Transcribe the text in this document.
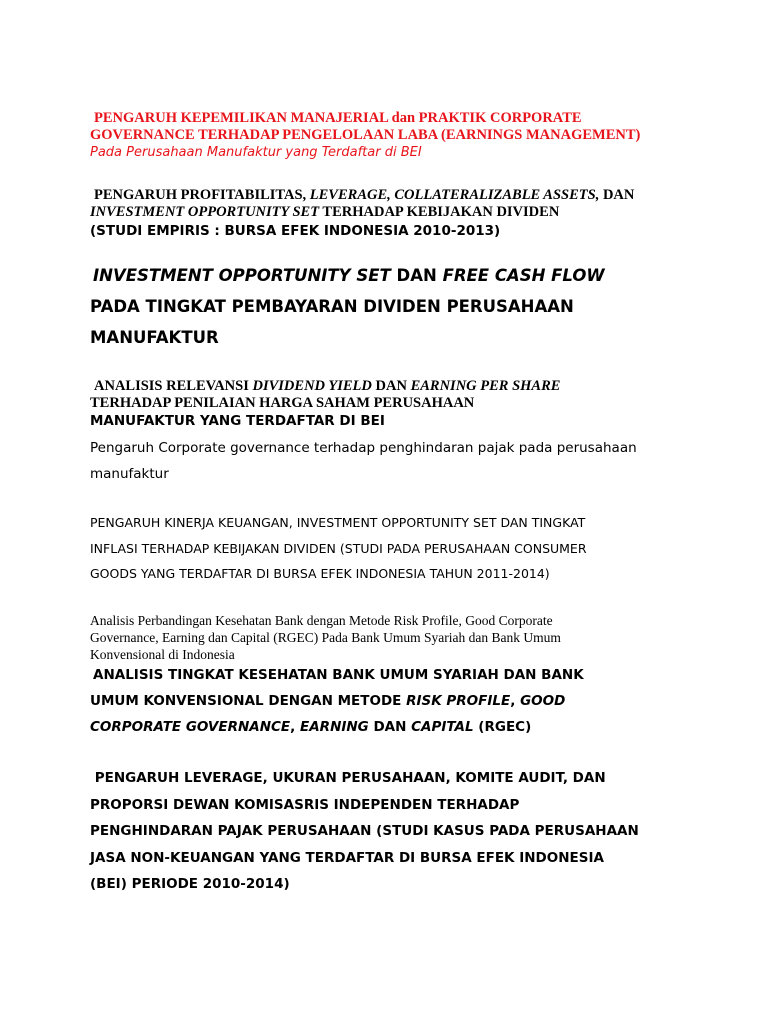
PENGARUH KEPEMILIKAN MANAJERIAL dan PRAKTIK CORPORATE
GOVERNANCE TERHADAP PENGELOLAAN LABA (EARNINGS MANAGEMENT)
Pada Perusahaan Manufaktur yang Terdaftar di BEI
PENGARUH PROFITABILITAS, LEVERAGE, COLLATERALIZABLE ASSETS, DAN
INVESTMENT OPPORTUNITY SET TERHADAP KEBIJAKAN DIVIDEN
(STUDI EMPIRIS : BURSA EFEK INDONESIA 2010-2013)
INVESTMENT OPPORTUNITY SET DAN FREE CASH FLOW
PADA TINGKAT PEMBAYARAN DIVIDEN PERUSAHAAN
MANUFAKTUR
ANALISIS RELEVANSI DIVIDEND YIELD DAN EARNING PER SHARE
TERHADAP PENILAIAN HARGA SAHAM PERUSAHAAN
MANUFAKTUR YANG TERDAFTAR DI BEI
Pengaruh Corporate governance terhadap penghindaran pajak pada perusahaan
manufaktur
PENGARUH KINERJA KEUANGAN, INVESTMENT OPPORTUNITY SET DAN TINGKAT
INFLASI TERHADAP KEBIJAKAN DIVIDEN (STUDI PADA PERUSAHAAN CONSUMER
GOODS YANG TERDAFTAR DI BURSA EFEK INDONESIA TAHUN 2011-2014)
Analisis Perbandingan Kesehatan Bank dengan Metode Risk Profile, Good Corporate
Governance, Earning dan Capital (RGEC) Pada Bank Umum Syariah dan Bank Umum
Konvensional di Indonesia
ANALISIS TINGKAT KESEHATAN BANK UMUM SYARIAH DAN BANK
UMUM KONVENSIONAL DENGAN METODE RISK PROFILE, GOOD
CORPORATE GOVERNANCE, EARNING DAN CAPITAL (RGEC)
PENGARUH LEVERAGE, UKURAN PERUSAHAAN, KOMITE AUDIT, DAN
PROPORSI DEWAN KOMISASRIS INDEPENDEN TERHADAP
PENGHINDARAN PAJAK PERUSAHAAN (STUDI KASUS PADA PERUSAHAAN
JASA NON-KEUANGAN YANG TERDAFTAR DI BURSA EFEK INDONESIA
(BEI) PERIODE 2010-2014)
